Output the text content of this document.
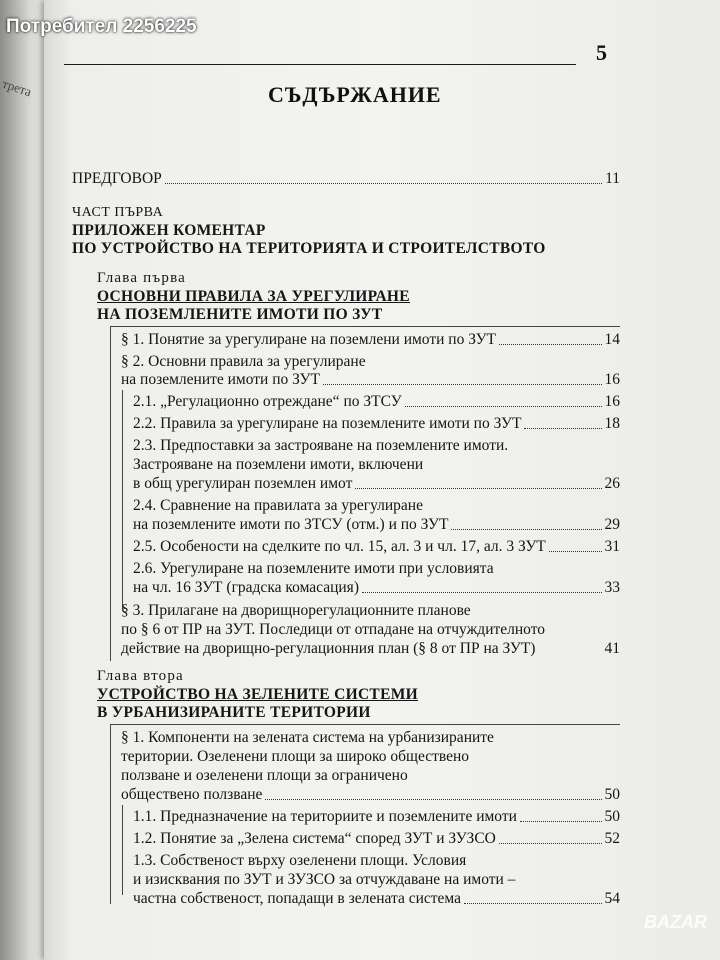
трета
Потребител 2256225
5
СЪДЪРЖАНИЕ
ПРЕДГОВОР	11
ЧАСТ ПЪРВА
ПРИЛОЖЕН КОМЕНТАР
ПО УСТРОЙСТВО НА ТЕРИТОРИЯТА И СТРОИТЕЛСТВОТО
Глава първа
ОСНОВНИ ПРАВИЛА ЗА УРЕГУЛИРАНЕ
НА ПОЗЕМЛЕНИТЕ ИМОТИ ПО ЗУТ
§ 1. Понятие за урегулиране на поземлени имоти по ЗУТ	14
§ 2. Основни правила за урегулиране
на поземлените имоти по ЗУТ	16
2.1. „Регулационно отреждане“ по ЗТСУ	16
2.2. Правила за урегулиране на поземлените имоти по ЗУТ	18
2.3. Предпоставки за застрояване на поземлените имоти.
Застрояване на поземлени имоти, включени
в общ урегулиран поземлен имот	26
2.4. Сравнение на правилата за урегулиране
на поземлените имоти по ЗТСУ (отм.) и по ЗУТ	29
2.5. Особености на сделките по чл. 15, ал. 3 и чл. 17, ал. 3 ЗУТ	31
2.6. Урегулиране на поземлените имоти при условията
на чл. 16 ЗУТ (градска комасация)	33
§ 3. Прилагане на дворищнорегулационните планове
по § 6 от ПР на ЗУТ. Последици от отпадане на отчуждителното
действие на дворищно-регулационния план (§ 8 от ПР на ЗУТ)	41
Глава втора
УСТРОЙСТВО НА ЗЕЛЕНИТЕ СИСТЕМИ
В УРБАНИЗИРАНИТЕ ТЕРИТОРИИ
§ 1. Компоненти на зелената система на урбанизираните
територии. Озеленени площи за широко обществено
ползване и озеленени площи за ограничено
обществено ползване	50
1.1. Предназначение на териториите и поземлените имоти	50
1.2. Понятие за „Зелена система“ според ЗУТ и ЗУЗСО	52
1.3. Собственост върху озеленени площи. Условия
и изисквания по ЗУТ и ЗУЗСО за отчуждаване на имоти –
частна собственост, попадащи в зелената система	54
BAZAR
